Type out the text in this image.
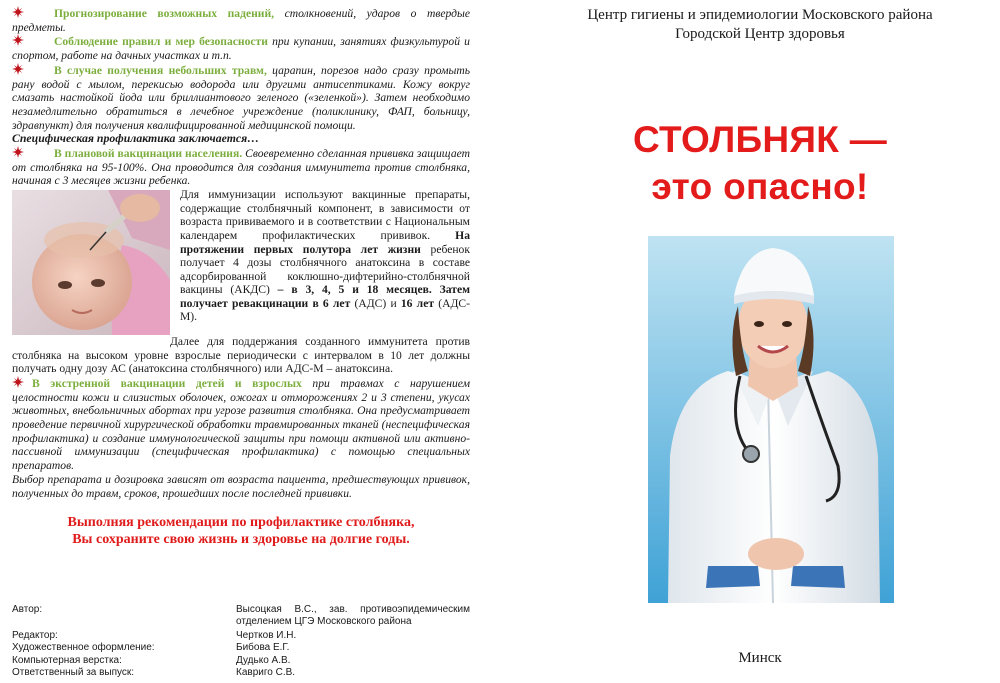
Прогнозирование возможных падений, столкновений, ударов о твердые предметы.

Соблюдение правил и мер безопасности при купании, занятиях физкультурой и спортом, работе на дачных участках и т.п.

В случае получения небольших травм, царапин, порезов надо сразу промыть рану водой с мылом, перекисью водорода или другими антисептиками. Кожу вокруг смазать настойкой йода или бриллиантового зеленого («зеленкой»). Затем необходимо незамедлительно обратиться в лечебное учреждение (поликлинику, ФАП, больницу, здравпункт) для получения квалифицированной медицинской помощи.

Специфическая профилактика заключается…

В плановой вакцинации населения. Своевременно сделанная прививка защищает от столбняка на 95-100%. Она проводится для создания иммунитета против столбняка, начиная с 3 месяцев жизни ребенка.

Для иммунизации используют вакцинные препараты, содержащие столбнячный компонент, в зависимости от возраста прививаемого и в соответствии с Национальным календарем профилактических прививок. На протяжении первых полутора лет жизни ребенок получает 4 дозы столбнячного анатоксина в составе адсорбированной коклюшно-дифтерийно-столбнячной вакцины (АКДС) – в 3, 4, 5 и 18 месяцев. Затем получает ревакцинации в 6 лет (АДС) и 16 лет (АДС-М).

Далее для поддержания созданного иммунитета против столбняка на высоком уровне взрослые периодически с интервалом в 10 лет должны получать одну дозу АС (анатоксина столбнячного) или АДС-М – анатоксина.

В экстренной вакцинации детей и взрослых при травмах с нарушением целостности кожи и слизистых оболочек, ожогах и отморожениях 2 и 3 степени, укусах животных, внебольничных абортах при угрозе развития столбняка. Она предусматривает проведение первичной хирургической обработки травмированных тканей (неспецифическая профилактика) и создание иммунологической защиты при помощи активной или активно-пассивной иммунизации (специфическая профилактика) с помощью специальных препаратов.

Выбор препарата и дозировка зависят от возраста пациента, предшествующих прививок, полученных до травм, сроков, прошедших после последней прививки.

Выполняя рекомендации по профилактике столбняка,

Вы сохраните свою жизнь и здоровье на долгие годы.

Автор:	Высоцкая В.С., зав. противоэпидемическим отделением ЦГЭ Московского района
Редактор:	Чертков И.Н.
Художественное оформление:	Бибова Е.Г.
Компьютерная верстка:	Дудько А.В.
Ответственный за выпуск:	Кавриго С.В.
Центр гигиены и эпидемиологии Московского района
Городской Центр здоровья
СТОЛБНЯК —
это опасно!
Минск
